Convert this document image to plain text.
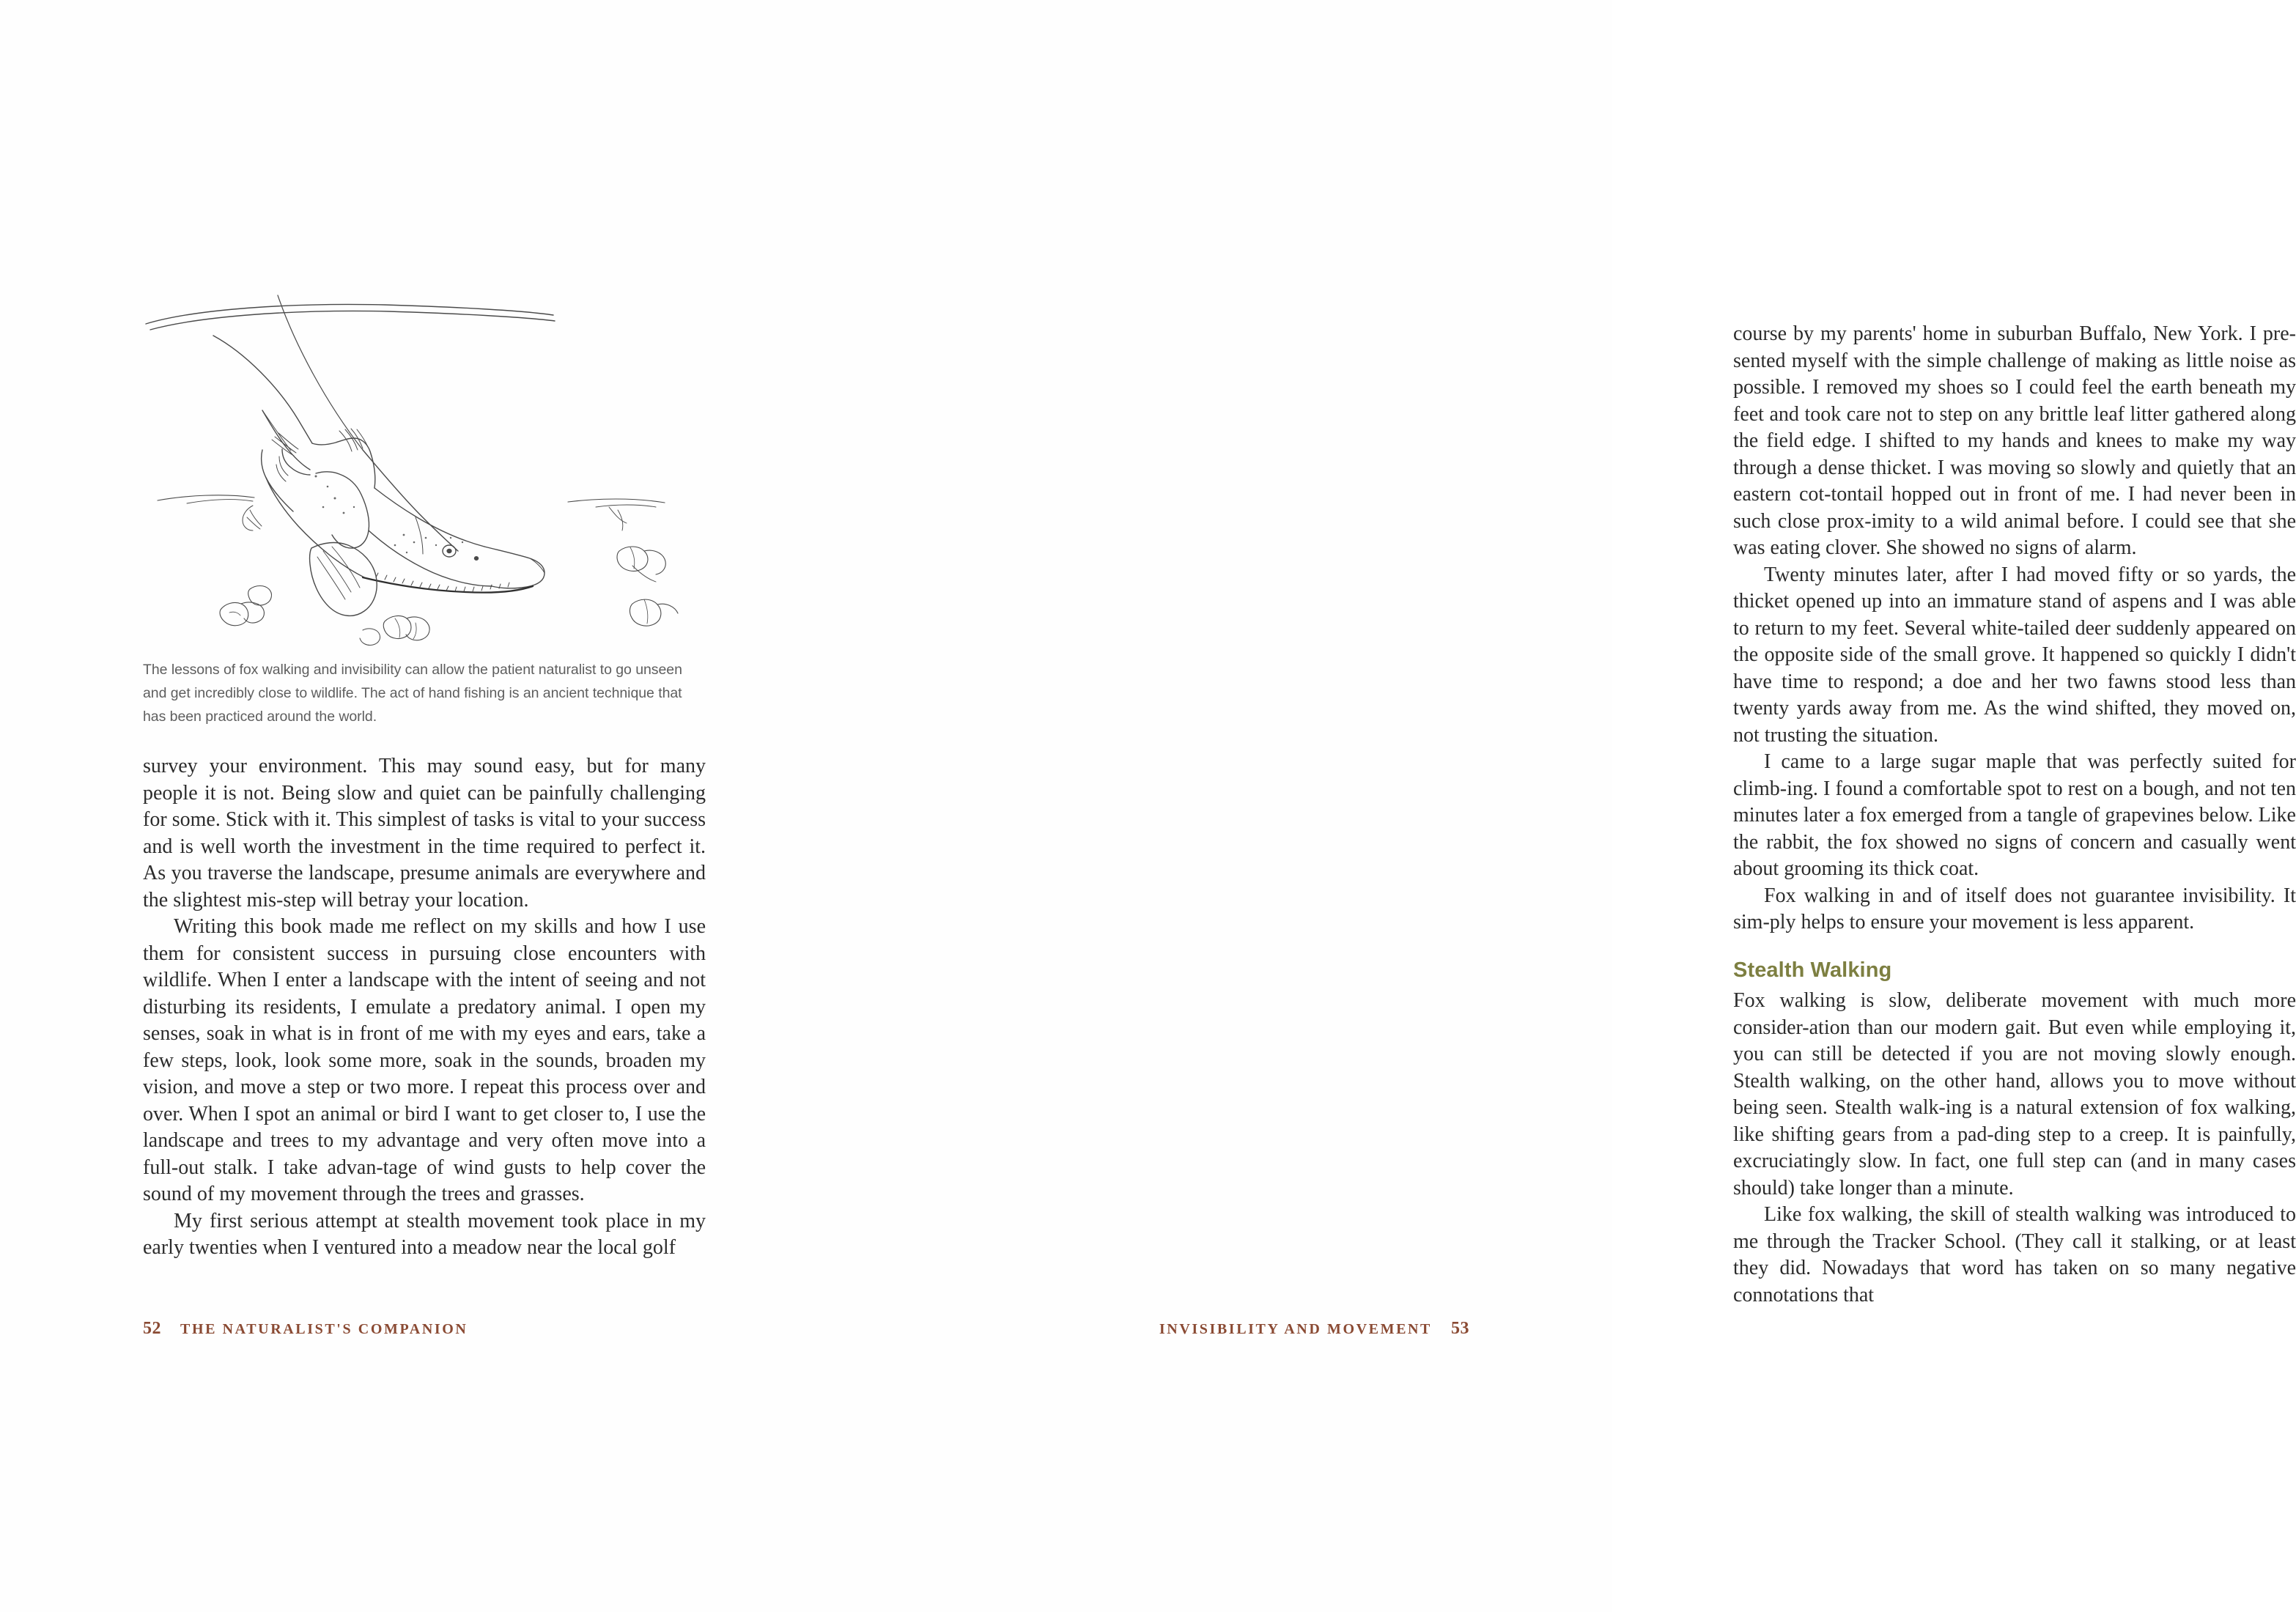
The lessons of fox walking and invisibility can allow the patient naturalist to go unseen and get incredibly close to wildlife. The act of hand fishing is an ancient technique that has been practiced around the world.

survey your environment. This may sound easy, but for many people it is not. Being slow and quiet can be painfully challenging for some. Stick with it. This simplest of tasks is vital to your success and is well worth the investment in the time required to perfect it. As you traverse the landscape, presume animals are everywhere and the slightest mis-step will betray your location.

Writing this book made me reflect on my skills and how I use them for consistent success in pursuing close encounters with wildlife. When I enter a landscape with the intent of seeing and not disturbing its residents, I emulate a predatory animal. I open my senses, soak in what is in front of me with my eyes and ears, take a few steps, look, look some more, soak in the sounds, broaden my vision, and move a step or two more. I repeat this process over and over. When I spot an animal or bird I want to get closer to, I use the landscape and trees to my advantage and very often move into a full-out stalk. I take advan-tage of wind gusts to help cover the sound of my movement through the trees and grasses.

My first serious attempt at stealth movement took place in my early twenties when I ventured into a meadow near the local golf

52 THE NATURALIST'S COMPANION

course by my parents' home in suburban Buffalo, New York. I pre-sented myself with the simple challenge of making as little noise as possible. I removed my shoes so I could feel the earth beneath my feet and took care not to step on any brittle leaf litter gathered along the field edge. I shifted to my hands and knees to make my way through a dense thicket. I was moving so slowly and quietly that an eastern cot-tontail hopped out in front of me. I had never been in such close prox-imity to a wild animal before. I could see that she was eating clover. She showed no signs of alarm.

Twenty minutes later, after I had moved fifty or so yards, the thicket opened up into an immature stand of aspens and I was able to return to my feet. Several white-tailed deer suddenly appeared on the opposite side of the small grove. It happened so quickly I didn't have time to respond; a doe and her two fawns stood less than twenty yards away from me. As the wind shifted, they moved on, not trusting the situation.

I came to a large sugar maple that was perfectly suited for climb-ing. I found a comfortable spot to rest on a bough, and not ten minutes later a fox emerged from a tangle of grapevines below. Like the rabbit, the fox showed no signs of concern and casually went about grooming its thick coat.

Fox walking in and of itself does not guarantee invisibility. It sim-ply helps to ensure your movement is less apparent.

Stealth Walking

Fox walking is slow, deliberate movement with much more consider-ation than our modern gait. But even while employing it, you can still be detected if you are not moving slowly enough. Stealth walking, on the other hand, allows you to move without being seen. Stealth walk-ing is a natural extension of fox walking, like shifting gears from a pad-ding step to a creep. It is painfully, excruciatingly slow. In fact, one full step can (and in many cases should) take longer than a minute.

Like fox walking, the skill of stealth walking was introduced to me through the Tracker School. (They call it stalking, or at least they did. Nowadays that word has taken on so many negative connotations that

INVISIBILITY AND MOVEMENT 53
